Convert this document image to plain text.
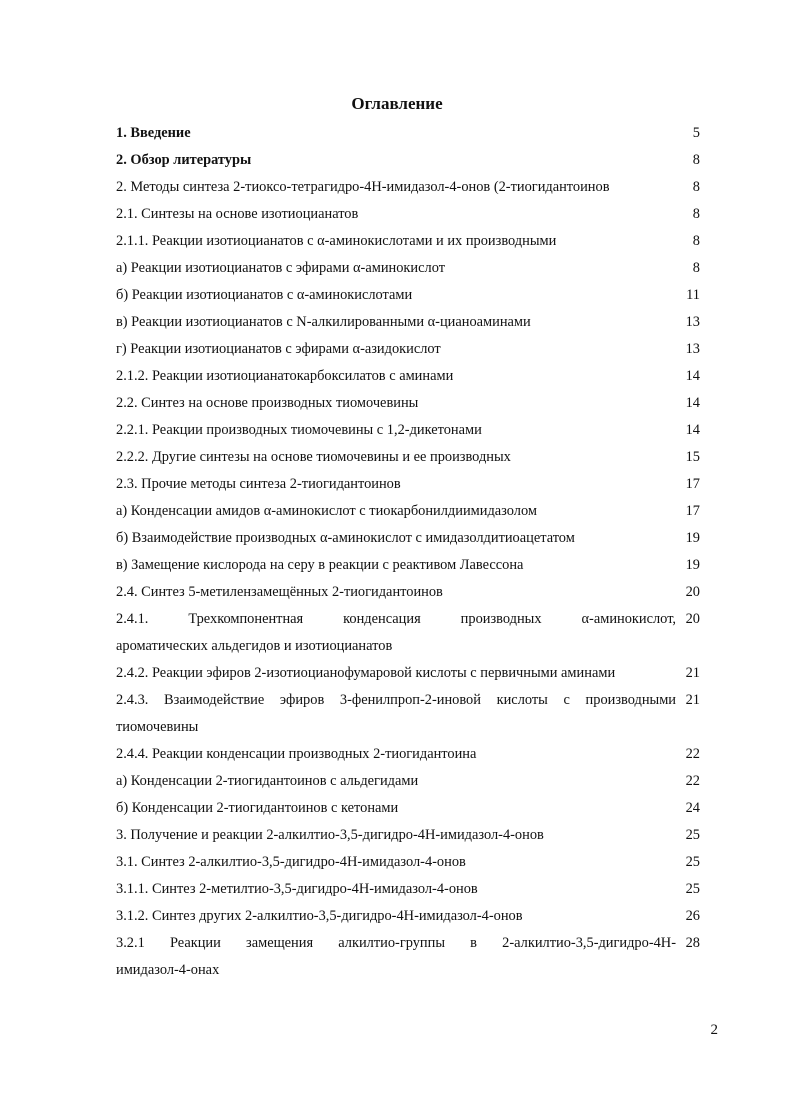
Оглавление
1. Введение	5
2. Обзор литературы	8
2. Методы синтеза 2-тиоксо-тетрагидро-4Н-имидазол-4-онов (2-тиогидантоинов	8
2.1. Синтезы на основе изотиоцианатов	8
2.1.1. Реакции изотиоцианатов с α-аминокислотами и их производными	8
а) Реакции изотиоцианатов с эфирами α-аминокислот	8
б) Реакции изотиоцианатов с α-аминокислотами	11
в) Реакции изотиоцианатов с N-алкилированными α-цианоаминами	13
г) Реакции изотиоцианатов с эфирами α-азидокислот	13
2.1.2. Реакции изотиоцианатокарбоксилатов с аминами	14
2.2. Синтез на основе производных тиомочевины	14
2.2.1. Реакции производных тиомочевины с 1,2-дикетонами	14
2.2.2. Другие синтезы на основе тиомочевины и ее производных	15
2.3. Прочие методы синтеза 2-тиогидантоинов	17
а) Конденсации амидов α-аминокислот с тиокарбонилдиимидазолом	17
б) Взаимодействие производных α-аминокислот с имидазолдитиоацетатом	19
в) Замещение кислорода на серу в реакции с реактивом Лавессона	19
2.4. Синтез 5-метилензамещённых 2-тиогидантоинов	20
2.4.1. Трехкомпонентная конденсация производных α-аминокислот, 20
ароматических альдегидов и изотиоцианатов
2.4.2. Реакции эфиров 2-изотиоцианофумаровой кислоты с первичными аминами	21
2.4.3. Взаимодействие эфиров 3-фенилпроп-2-иновой кислоты с производными 21
тиомочевины
2.4.4. Реакции конденсации производных 2-тиогидантоина	22
а) Конденсации 2-тиогидантоинов с альдегидами	22
б) Конденсации 2-тиогидантоинов с кетонами	24
3. Получение и реакции 2-алкилтио-3,5-дигидро-4Н-имидазол-4-онов	25
3.1. Синтез 2-алкилтио-3,5-дигидро-4Н-имидазол-4-онов	25
3.1.1. Синтез 2-метилтио-3,5-дигидро-4Н-имидазол-4-онов	25
3.1.2. Синтез других 2-алкилтио-3,5-дигидро-4Н-имидазол-4-онов	26
3.2.1 Реакции замещения алкилтио-группы в 2-алкилтио-3,5-дигидро-4Н- 28
имидазол-4-онах
2
